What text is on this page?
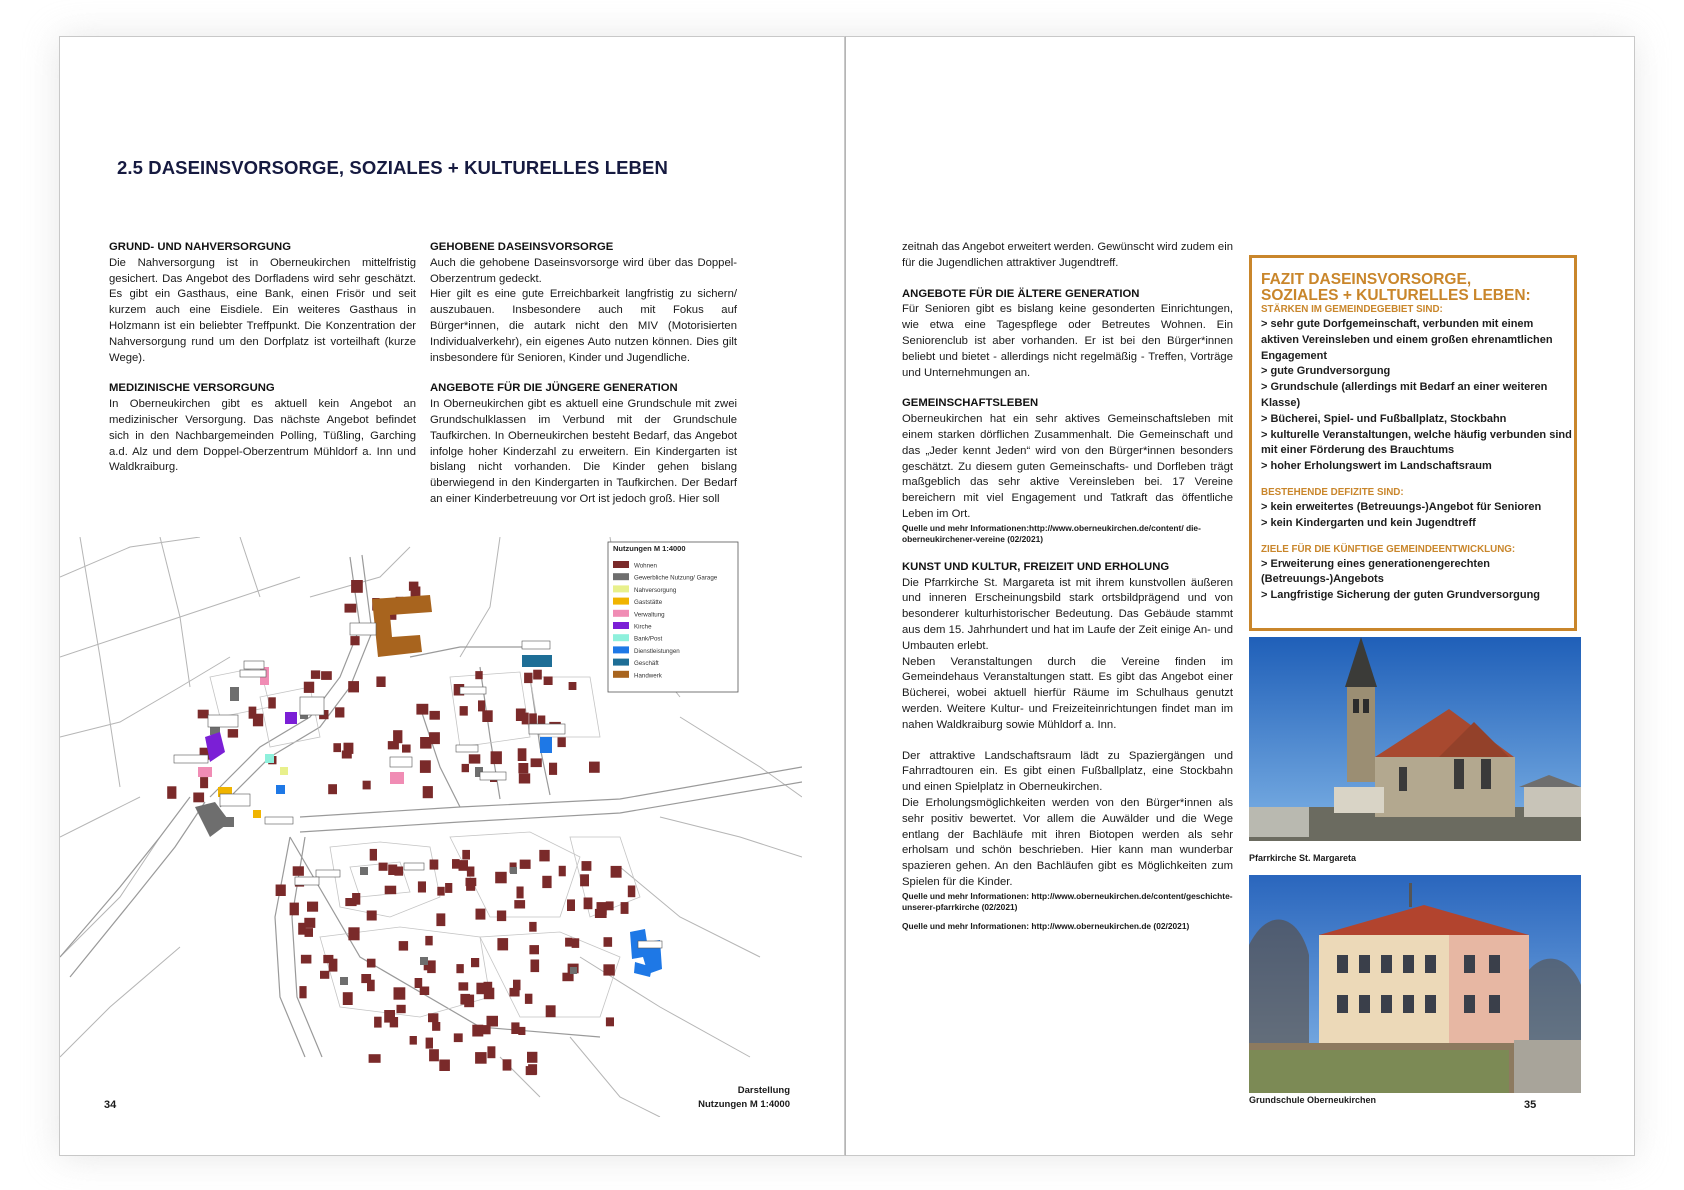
2.5 DASEINSVORSORGE, SOZIALES + KULTURELLES LEBEN

GRUND- UND NAHVERSORGUNG

Die Nahversorgung ist in Oberneukirchen mittelfristig gesichert. Das Angebot des Dorfladens wird sehr geschätzt. Es gibt ein Gasthaus, eine Bank, einen Frisör und seit kurzem auch eine Eisdiele. Ein weiteres Gasthaus in Holzmann ist ein beliebter Treffpunkt. Die Konzentration der Nahversorgung rund um den Dorfplatz ist vorteilhaft (kurze Wege).

MEDIZINISCHE VERSORGUNG

In Oberneukirchen gibt es aktuell kein Angebot an medizinischer Versorgung. Das nächste Angebot befindet sich in den Nachbargemeinden Polling, Tüßling, Garching a.d. Alz und dem Doppel-Oberzentrum Mühldorf a. Inn und Waldkraiburg.

GEHOBENE DASEINSVORSORGE

Auch die gehobene Daseinsvorsorge wird über das Doppel-Oberzentrum gedeckt.

Hier gilt es eine gute Erreichbarkeit langfristig zu sichern/ auszubauen. Insbesondere auch mit Fokus auf Bürger*innen, die autark nicht den MIV (Motorisierten Individualverkehr), ein eigenes Auto nutzen können. Dies gilt insbesondere für Senioren, Kinder und Jugendliche.

ANGEBOTE FÜR DIE JÜNGERE GENERATION

In Oberneukirchen gibt es aktuell eine Grundschule mit zwei Grundschulklassen im Verbund mit der Grundschule Taufkirchen. In Oberneukirchen besteht Bedarf, das Angebot infolge hoher Kinderzahl zu erweitern. Ein Kindergarten ist bislang nicht vorhanden. Die Kinder gehen bislang überwiegend in den Kindergarten in Taufkirchen. Der Bedarf an einer Kinderbetreuung vor Ort ist jedoch groß. Hier soll

Nutzungen M 1:4000
Wohnen
Gewerbliche Nutzung/ Garage
Nahversorgung
Gaststätte
Verwaltung
Kirche
Bank/Post
Dienstleistungen
Geschäft
Handwerk
Darstellung
Nutzungen M 1:4000
34

zeitnah das Angebot erweitert werden. Gewünscht wird zudem ein für die Jugendlichen attraktiver Jugendtreff.

ANGEBOTE FÜR DIE ÄLTERE GENERATION

Für Senioren gibt es bislang keine gesonderten Einrichtungen, wie etwa eine Tagespflege oder Betreutes Wohnen. Ein Seniorenclub ist aber vorhanden. Er ist bei den Bürger*innen beliebt und bietet - allerdings nicht regelmäßig - Treffen, Vorträge und Unternehmungen an.

GEMEINSCHAFTSLEBEN

Oberneukirchen hat ein sehr aktives Gemeinschaftsleben mit einem starken dörflichen Zusammenhalt. Die Gemeinschaft und das „Jeder kennt Jeden“ wird von den Bürger*innen besonders geschätzt. Zu diesem guten Gemeinschafts- und Dorfleben trägt maßgeblich das sehr aktive Vereinsleben bei. 17 Vereine bereichern mit viel Engagement und Tatkraft das öffentliche Leben im Ort.

Quelle und mehr Informationen:http://www.oberneukirchen.de/content/ die-oberneukirchener-vereine (02/2021)

KUNST UND KULTUR, FREIZEIT UND ERHOLUNG

Die Pfarrkirche St. Margareta ist mit ihrem kunstvollen äußeren und inneren Erscheinungsbild stark ortsbildprägend und von besonderer kulturhistorischer Bedeutung. Das Gebäude stammt aus dem 15. Jahrhundert und hat im Laufe der Zeit einige An- und Umbauten erlebt.

Neben Veranstaltungen durch die Vereine finden im Gemeindehaus Veranstaltungen statt. Es gibt das Angebot einer Bücherei, wobei aktuell hierfür Räume im Schulhaus genutzt werden. Weitere Kultur- und Freizeiteinrichtungen findet man im nahen Waldkraiburg sowie Mühldorf a. Inn.

Der attraktive Landschaftsraum lädt zu Spaziergängen und Fahrradtouren ein. Es gibt einen Fußballplatz, eine Stockbahn und einen Spielplatz in Oberneukirchen.

Die Erholungsmöglichkeiten werden von den Bürger*innen als sehr positiv bewertet. Vor allem die Auwälder und die Wege entlang der Bachläufe mit ihren Biotopen werden als sehr erholsam und schön beschrieben. Hier kann man wunderbar spazieren gehen. An den Bachläufen gibt es Möglichkeiten zum Spielen für die Kinder.

Quelle und mehr Informationen: http://www.oberneukirchen.de/content/geschichte-unserer-pfarrkirche (02/2021)

Quelle und mehr Informationen: http://www.oberneukirchen.de (02/2021)

FAZIT DASEINSVORSORGE,
SOZIALES + KULTURELLES LEBEN:

STÄRKEN IM GEMEINDEGEBIET SIND:

> sehr gute Dorfgemeinschaft, verbunden mit einem aktiven Vereinsleben und einem großen ehrenamtlichen Engagement
> gute Grundversorgung
> Grundschule (allerdings mit Bedarf an einer weiteren Klasse)
> Bücherei, Spiel- und Fußballplatz, Stockbahn
> kulturelle Veranstaltungen, welche häufig verbunden sind mit einer Förderung des Brauchtums
> hoher Erholungswert im Landschaftsraum

BESTEHENDE DEFIZITE SIND:

> kein erweitertes (Betreuungs-)Angebot für Senioren
> kein Kindergarten und kein Jugendtreff

ZIELE FÜR DIE KÜNFTIGE GEMEINDEENTWICKLUNG:

> Erweiterung eines generationengerechten (Betreuungs-)Angebots
> Langfristige Sicherung der guten Grundversorgung
Pfarrkirche St. Margareta
Grundschule Oberneukirchen	35
